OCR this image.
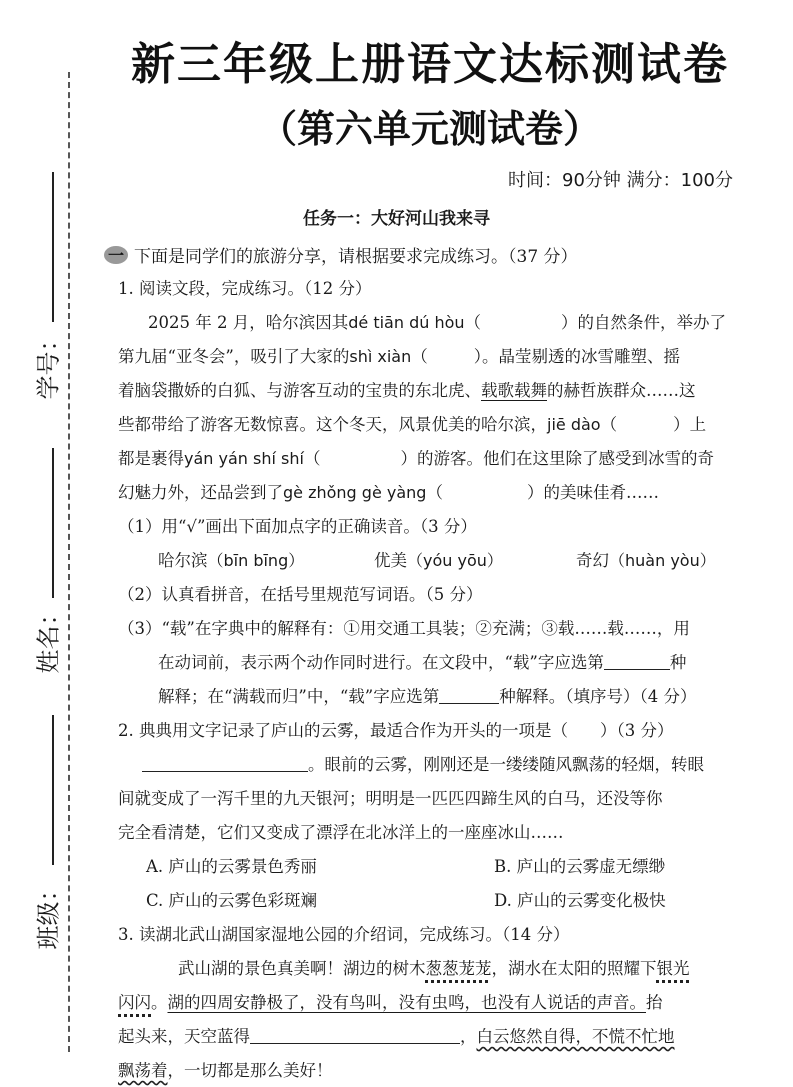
学号：
姓名：
班级：
新三年级上册语文达标测试卷
（第六单元测试卷）
时间：90分钟 满分：100分
任务一：大好河山我来寻
一 下面是同学们的旅游分享，请根据要求完成练习。（37 分）
1. 阅读文段，完成练习。（12 分）
2025 年 2 月，哈尔滨因其dé tiān dú hòu（	）的自然条件，举办了
第九届“亚冬会”，吸引了大家的shì xiàn（	）。晶莹剔透的冰雪雕塑、摇
着脑袋撒娇的白狐、与游客互动的宝贵的东北虎、载歌载舞的赫哲族群众……这
些都带给了游客无数惊喜。这个冬天，风景优美的哈尔滨，jiē dào（	）上
都是裹得yán yán shí shí（	）的游客。他们在这里除了感受到冰雪的奇
幻魅力外，还品尝到了gè zhǒng gè yàng（	）的美味佳肴……
（1）用“√”画出下面加点字的正确读音。（3 分）
哈尔滨（bīn bīng）	优美（yóu yōu）	奇幻（huàn yòu）
（2）认真看拼音，在括号里规范写词语。（5 分）
（3）“载”在字典中的解释有：①用交通工具装；②充满；③载……载……，用
在动词前，表示两个动作同时进行。在文段中，“载”字应选第	种
解释；在“满载而归”中，“载”字应选第	种解释。（填序号）（4 分）
2. 典典用文字记录了庐山的云雾，最适合作为开头的一项是（ ）（3 分）
。眼前的云雾，刚刚还是一缕缕随风飘荡的轻烟，转眼
间就变成了一泻千里的九天银河；明明是一匹匹四蹄生风的白马，还没等你
完全看清楚，它们又变成了漂浮在北冰洋上的一座座冰山……
A. 庐山的云雾景色秀丽	B. 庐山的云雾虚无缥缈
C. 庐山的云雾色彩斑斓	D. 庐山的云雾变化极快
3. 读湖北武山湖国家湿地公园的介绍词，完成练习。（14 分）
武山湖的景色真美啊！湖边的树木葱葱茏茏，湖水在太阳的照耀下银光
闪闪。湖的四周安静极了，没有鸟叫，没有虫鸣，也没有人说话的声音。抬
起头来，天空蓝得	，白云悠然自得，不慌不忙地
飘荡着，一切都是那么美好！
